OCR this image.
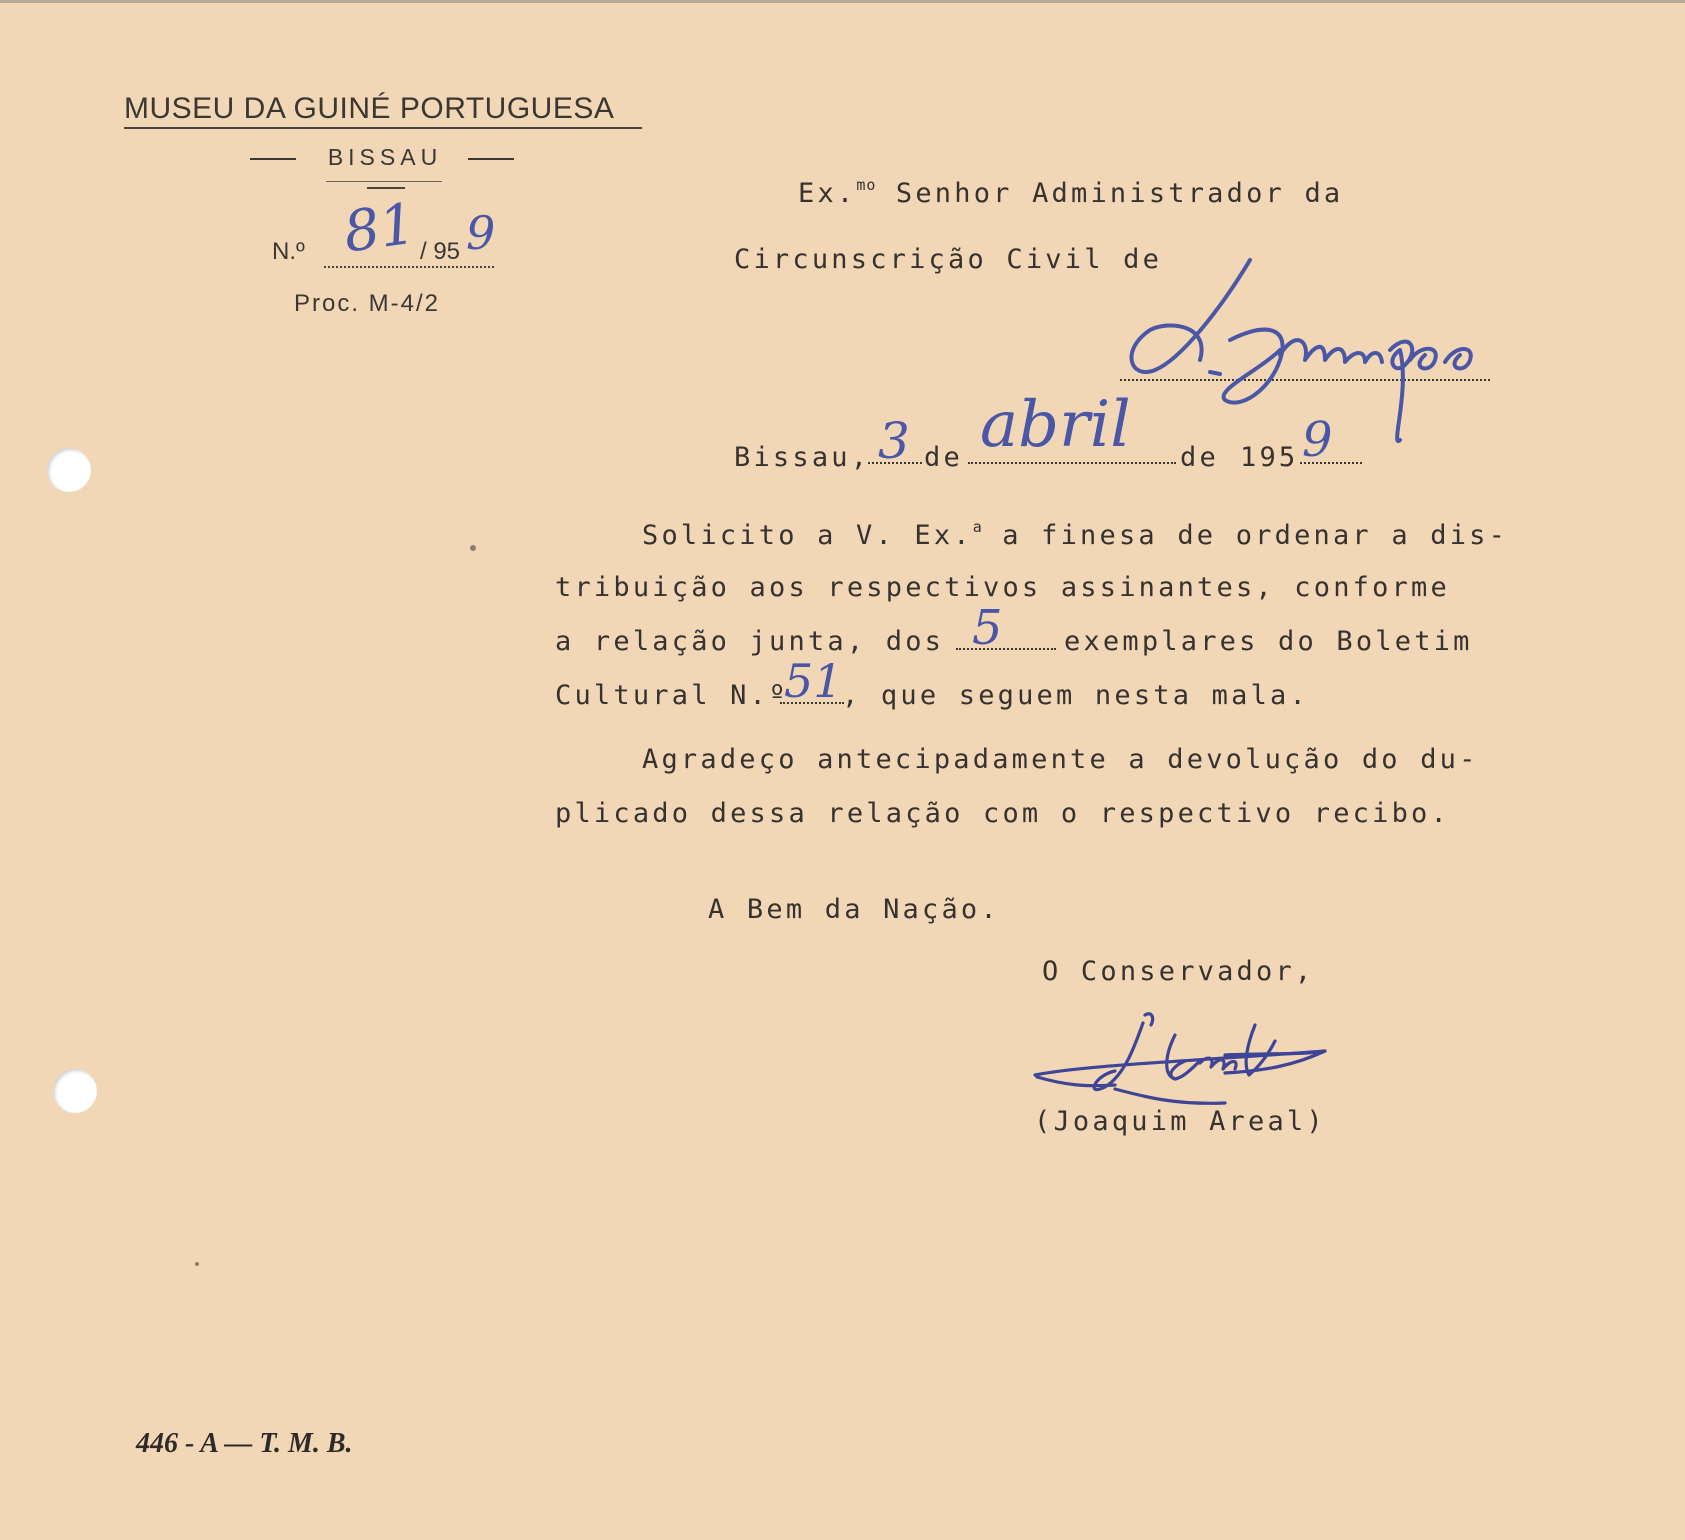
MUSEU DA GUINÉ PORTUGUESA
BISSAU
N.º 81 / 95 9
Proc. M-4/2
Ex.$^{mo}$ Senhor Administrador da
Circunscrição Civil de
Bissau, 3 de abril de 195 9
Solicito a V. Ex.$^a$ a finesa de ordenar a dis-
tribuição aos respectivos assinantes, conforme
a relação junta, dos 5 exemplares do Boletim
Cultural N.º
51 , que seguem nesta mala.
Agradeço antecipadamente a devolução do du-
plicado dessa relação com o respectivo recibo.
A Bem da Nação.
O Conservador,
(Joaquim Areal)
446 - A — T. M. B.
